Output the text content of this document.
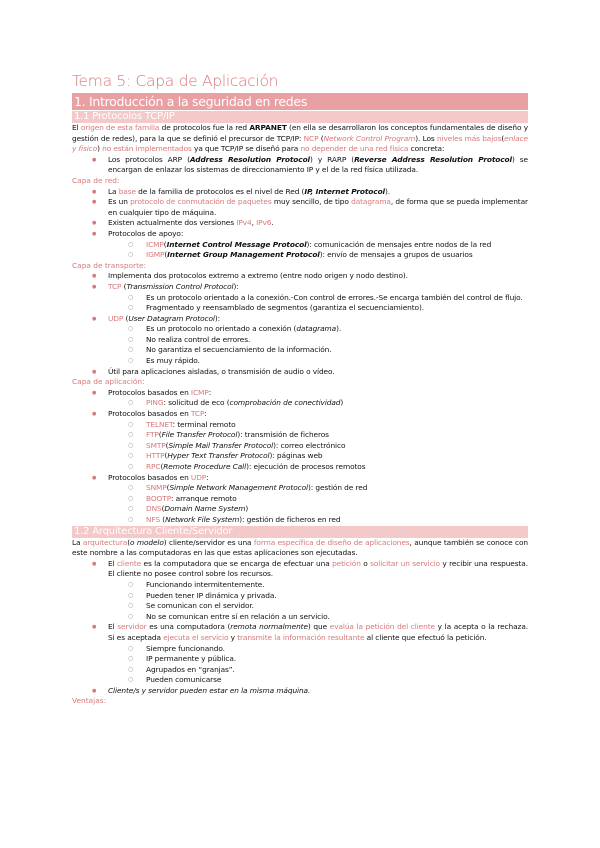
Tema 5: Capa de Aplicación
1. Introducción a la seguridad en redes
1.1 Protocolos TCP/IP

El origen de esta familia de protocolos fue la red ARPANET (en ella se desarrollaron los conceptos fundamentales de diseño y gestión de redes), para la que se definió el precursor de TCP/IP: NCP (Network Control Program). Los niveles más bajos(enlace y físico) no están implementados ya que TCP/IP se diseñó para no depender de una red física concreta:

● Los protocolos ARP (Address Resolution Protocol) y RARP (Reverse Address Resolution Protocol) se encargan de enlazar los sistemas de direccionamiento IP y el de la red física utilizada.
Capa de red:
● La base de la familia de protocolos es el nivel de Red (IP, Internet Protocol).
● Es un protocolo de conmutación de paquetes muy sencillo, de tipo datagrama, de forma que se pueda implementar en cualquier tipo de máquina.
● Existen actualmente dos versiones IPv4, IPv6.
● Protocolos de apoyo:
○ ICMP(Internet Control Message Protocol): comunicación de mensajes entre nodos de la red
○ IGMP(Internet Group Management Protocol): envío de mensajes a grupos de usuarios
Capa de transporte:
● Implementa dos protocolos extremo a extremo (entre nodo origen y nodo destino).
● TCP (Transmission Control Protocol):
○ Es un protocolo orientado a la conexión.-Con control de errores.-Se encarga también del control de flujo.
○ Fragmentado y reensamblado de segmentos (garantiza el secuenciamiento).
● UDP (User Datagram Protocol):
○ Es un protocolo no orientado a conexión (datagrama).
○ No realiza control de errores.
○ No garantiza el secuenciamiento de la información.
○ Es muy rápido.
● Útil para aplicaciones aisladas, o transmisión de audio o vídeo.
Capa de aplicación:
● Protocolos basados en ICMP:
○ PING: solicitud de eco (comprobación de conectividad)
● Protocolos basados en TCP:
○ TELNET: terminal remoto
○ FTP(File Transfer Protocol): transmisión de ficheros
○ SMTP(Simple Mail Transfer Protocol): correo electrónico
○ HTTP(Hyper Text Transfer Protocol): páginas web
○ RPC(Remote Procedure Call): ejecución de procesos remotos
● Protocolos basados en UDP:
○ SNMP(Simple Network Management Protocol): gestión de red
○ BOOTP: arranque remoto
○ DNS(Domain Name System)
○ NFS (Network File System): gestión de ficheros en red
1.2 Arquitectura Cliente/Servidor

La arquitectura(o modelo) cliente/servidor es una forma específica de diseño de aplicaciones, aunque también se conoce con este nombre a las computadoras en las que estas aplicaciones son ejecutadas.

● El cliente es la computadora que se encarga de efectuar una petición o solicitar un servicio y recibir una respuesta. El cliente no posee control sobre los recursos.
○ Funcionando intermitentemente.
○ Pueden tener IP dinámica y privada.
○ Se comunican con el servidor.
○ No se comunican entre sí en relación a un servicio.
● El servidor es una computadora (remota normalmente) que evalúa la petición del cliente y la acepta o la rechaza. Si es aceptada ejecuta el servicio y transmite la información resultante al cliente que efectuó la petición.
○ Siempre funcionando.
○ IP permanente y pública.
○ Agrupados en “granjas”.
○ Pueden comunicarse
● Cliente/s y servidor pueden estar en la misma máquina.
Ventajas:
